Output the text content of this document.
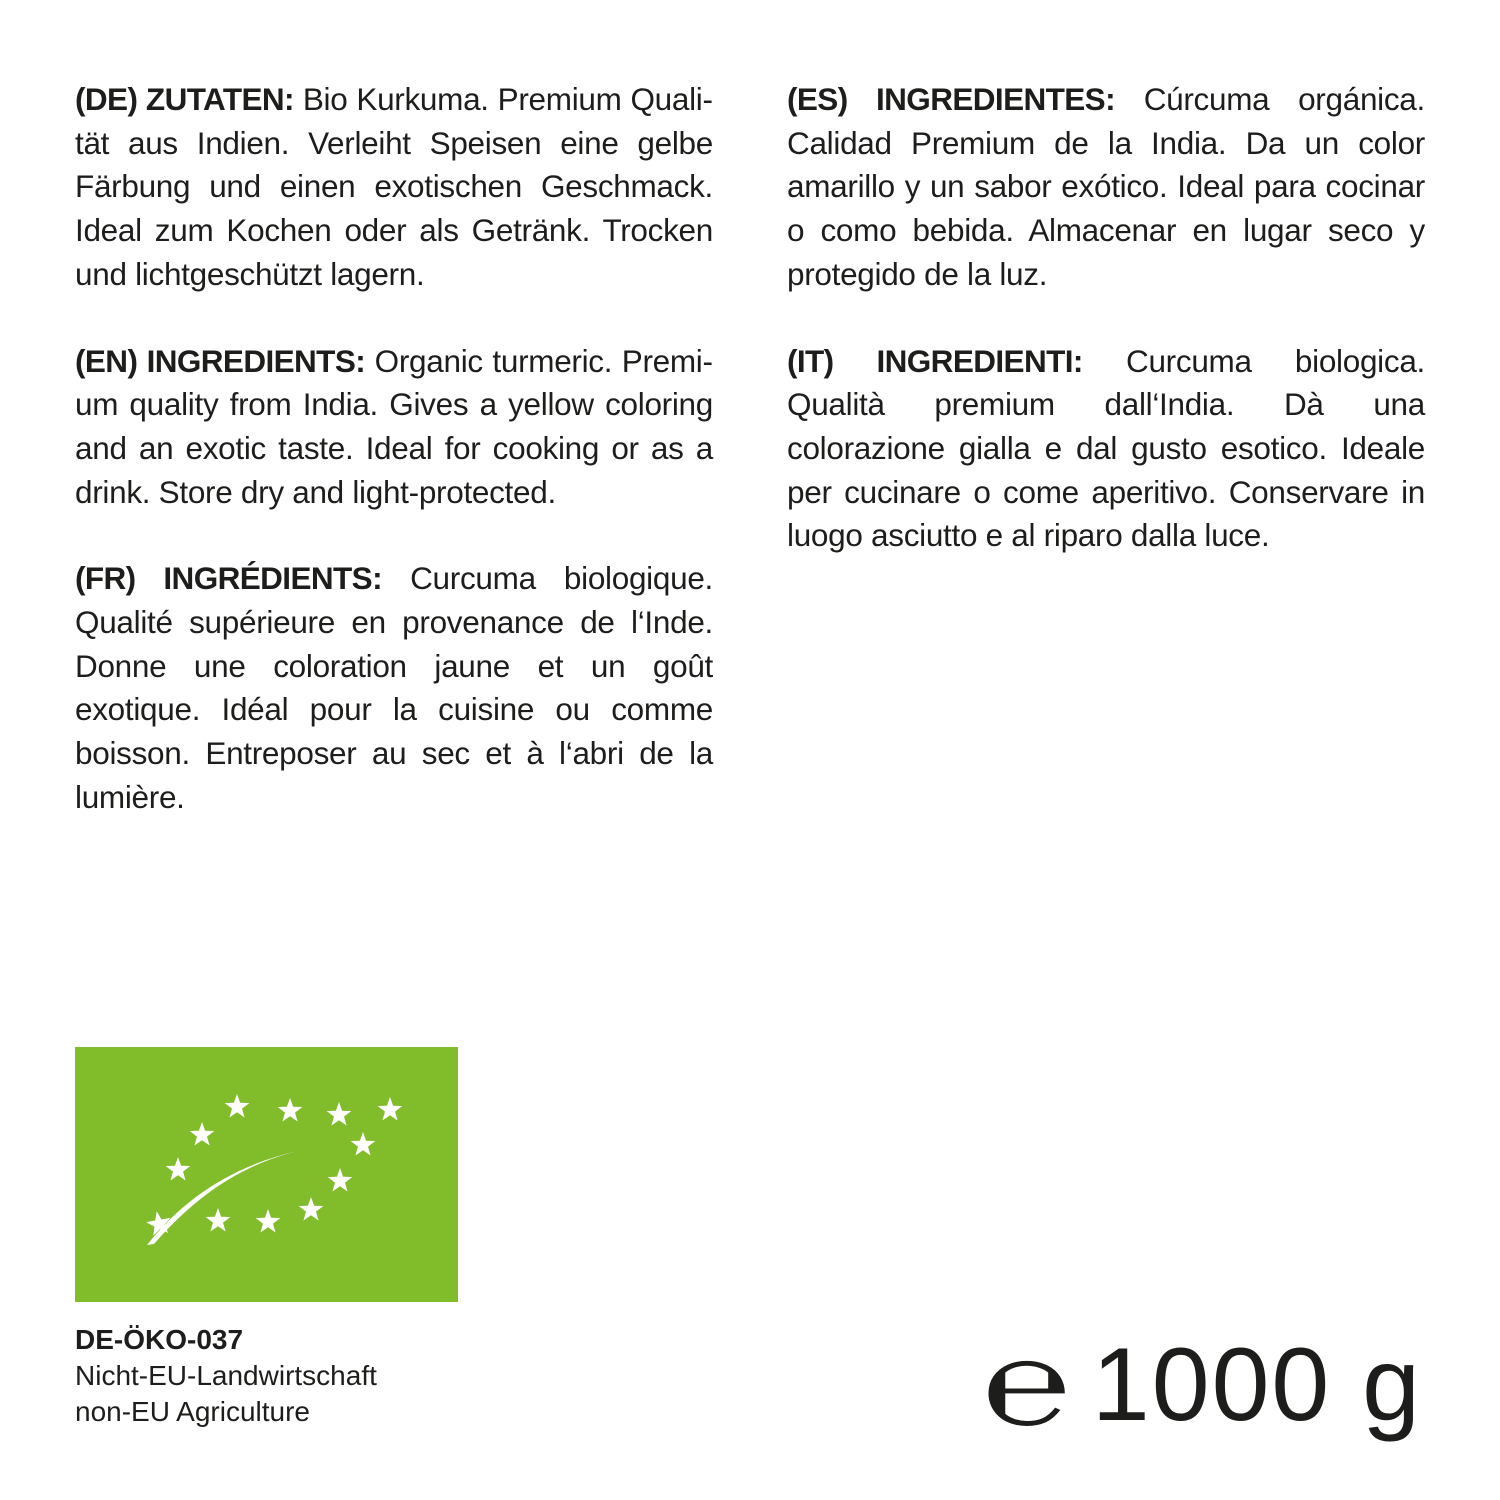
(DE) ZUTATEN: Bio Kurkuma. Premium Qualität aus Indien. Verleiht Speisen eine gelbe Färbung und einen exotischen Geschmack. Ideal zum Kochen oder als Getränk. Trocken und lichtgeschützt lagern.

(EN) INGREDIENTS: Organic turmeric. Premium quality from India. Gives a yellow coloring and an exotic taste. Ideal for cooking or as a drink. Store dry and light-protected.

(FR) INGRÉDIENTS: Curcuma biologique. Qualité supérieure en provenance de l‘Inde. Donne une coloration jaune et un goût exotique. Idéal pour la cuisine ou comme boisson. Entreposer au sec et à l‘abri de la lumière.

(ES) INGREDIENTES: Cúrcuma orgánica. Calidad Premium de la India. Da un color amarillo y un sabor exótico. Ideal para cocinar o como bebida. Almacenar en lugar seco y protegido de la luz.

(IT) INGREDIENTI: Curcuma biologica. Qualità premium dall‘India. Dà una colorazione gialla e dal gusto esotico. Ideale per cucinare o come aperitivo. Conservare in luogo asciutto e al riparo dalla luce.

DE-ÖKO-037
Nicht-EU-Landwirtschaft
non-EU Agriculture	℮ 1000 g
